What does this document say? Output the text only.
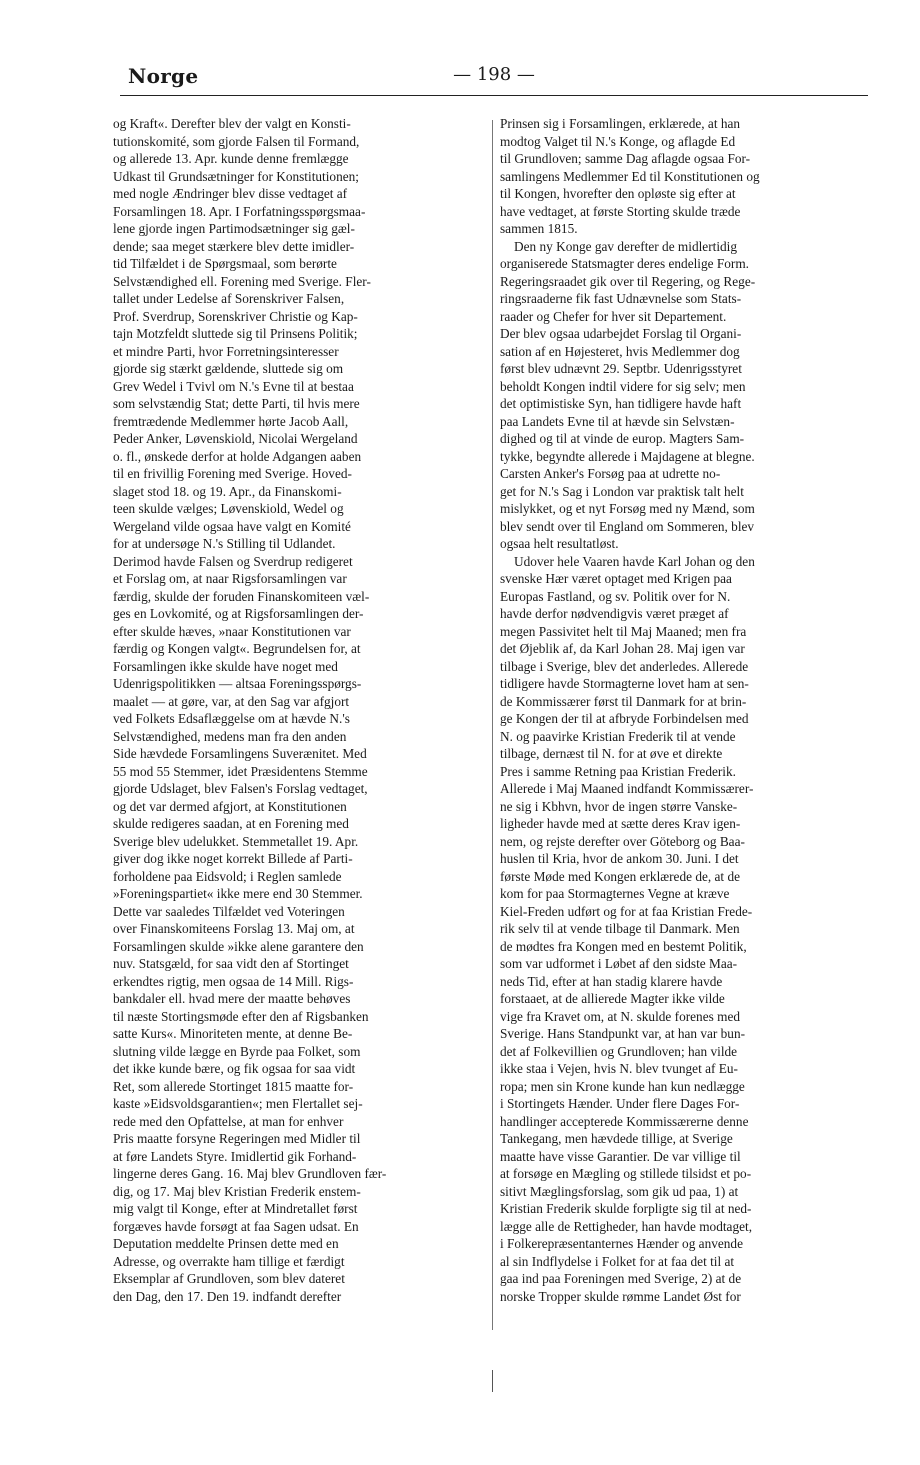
Norge	— 198 —

og Kraft«. Derefter blev der valgt en Konsti-
tutionskomité, som gjorde Falsen til Formand,
og allerede 13. Apr. kunde denne fremlægge
Udkast til Grundsætninger for Konstitutionen;
med nogle Ændringer blev disse vedtaget af
Forsamlingen 18. Apr. I Forfatningsspørgsmaa-
lene gjorde ingen Partimodsætninger sig gæl-
dende; saa meget stærkere blev dette imidler-
tid Tilfældet i de Spørgsmaal, som berørte
Selvstændighed ell. Forening med Sverige. Fler-
tallet under Ledelse af Sorenskriver Falsen,
Prof. Sverdrup, Sorenskriver Christie og Kap-
tajn Motzfeldt sluttede sig til Prinsens Politik;
et mindre Parti, hvor Forretningsinteresser
gjorde sig stærkt gældende, sluttede sig om
Grev Wedel i Tvivl om N.'s Evne til at bestaa
som selvstændig Stat; dette Parti, til hvis mere
fremtrædende Medlemmer hørte Jacob Aall,
Peder Anker, Løvenskiold, Nicolai Wergeland
o. fl., ønskede derfor at holde Adgangen aaben
til en frivillig Forening med Sverige. Hoved-
slaget stod 18. og 19. Apr., da Finanskomi-
teen skulde vælges; Løvenskiold, Wedel og
Wergeland vilde ogsaa have valgt en Komité
for at undersøge N.'s Stilling til Udlandet.
Derimod havde Falsen og Sverdrup redigeret
et Forslag om, at naar Rigsforsamlingen var
færdig, skulde der foruden Finanskomiteen væl-
ges en Lovkomité, og at Rigsforsamlingen der-
efter skulde hæves, »naar Konstitutionen var
færdig og Kongen valgt«. Begrundelsen for, at
Forsamlingen ikke skulde have noget med
Udenrigspolitikken — altsaa Foreningsspørgs-
maalet — at gøre, var, at den Sag var afgjort
ved Folkets Edsaflæggelse om at hævde N.'s
Selvstændighed, medens man fra den anden
Side hævdede Forsamlingens Suverænitet. Med
55 mod 55 Stemmer, idet Præsidentens Stemme
gjorde Udslaget, blev Falsen's Forslag vedtaget,
og det var dermed afgjort, at Konstitutionen
skulde redigeres saadan, at en Forening med
Sverige blev udelukket. Stemmetallet 19. Apr.
giver dog ikke noget korrekt Billede af Parti-
forholdene paa Eidsvold; i Reglen samlede
»Foreningspartiet« ikke mere end 30 Stemmer.
Dette var saaledes Tilfældet ved Voteringen
over Finanskomiteens Forslag 13. Maj om, at
Forsamlingen skulde »ikke alene garantere den
nuv. Statsgæld, for saa vidt den af Stortinget
erkendtes rigtig, men ogsaa de 14 Mill. Rigs-
bankdaler ell. hvad mere der maatte behøves
til næste Stortingsmøde efter den af Rigsbanken
satte Kurs«. Minoriteten mente, at denne Be-
slutning vilde lægge en Byrde paa Folket, som
det ikke kunde bære, og fik ogsaa for saa vidt
Ret, som allerede Stortinget 1815 maatte for-
kaste »Eidsvoldsgarantien«; men Flertallet sej-
rede med den Opfattelse, at man for enhver
Pris maatte forsyne Regeringen med Midler til
at føre Landets Styre. Imidlertid gik Forhand-
lingerne deres Gang. 16. Maj blev Grundloven fær-
dig, og 17. Maj blev Kristian Frederik enstem-
mig valgt til Konge, efter at Mindretallet først
forgæves havde forsøgt at faa Sagen udsat. En
Deputation meddelte Prinsen dette med en
Adresse, og overrakte ham tillige et færdigt
Eksemplar af Grundloven, som blev dateret
den Dag, den 17. Den 19. indfandt derefter

Prinsen sig i Forsamlingen, erklærede, at han
modtog Valget til N.'s Konge, og aflagde Ed
til Grundloven; samme Dag aflagde ogsaa For-
samlingens Medlemmer Ed til Konstitutionen og
til Kongen, hvorefter den opløste sig efter at
have vedtaget, at første Storting skulde træde
sammen 1815.

Den ny Konge gav derefter de midlertidig
organiserede Statsmagter deres endelige Form.
Regeringsraadet gik over til Regering, og Rege-
ringsraaderne fik fast Udnævnelse som Stats-
raader og Chefer for hver sit Departement.
Der blev ogsaa udarbejdet Forslag til Organi-
sation af en Højesteret, hvis Medlemmer dog
først blev udnævnt 29. Septbr. Udenrigsstyret
beholdt Kongen indtil videre for sig selv; men
det optimistiske Syn, han tidligere havde haft
paa Landets Evne til at hævde sin Selvstæn-
dighed og til at vinde de europ. Magters Sam-
tykke, begyndte allerede i Majdagene at blegne.
Carsten Anker's Forsøg paa at udrette no-
get for N.'s Sag i London var praktisk talt helt
mislykket, og et nyt Forsøg med ny Mænd, som
blev sendt over til England om Sommeren, blev
ogsaa helt resultatløst.

Udover hele Vaaren havde Karl Johan og den
svenske Hær været optaget med Krigen paa
Europas Fastland, og sv. Politik over for N.
havde derfor nødvendigvis været præget af
megen Passivitet helt til Maj Maaned; men fra
det Øjeblik af, da Karl Johan 28. Maj igen var
tilbage i Sverige, blev det anderledes. Allerede
tidligere havde Stormagterne lovet ham at sen-
de Kommissærer først til Danmark for at brin-
ge Kongen der til at afbryde Forbindelsen med
N. og paavirke Kristian Frederik til at vende
tilbage, dernæst til N. for at øve et direkte
Pres i samme Retning paa Kristian Frederik.
Allerede i Maj Maaned indfandt Kommissærer-
ne sig i Kbhvn, hvor de ingen større Vanske-
ligheder havde med at sætte deres Krav igen-
nem, og rejste derefter over Göteborg og Baa-
huslen til Kria, hvor de ankom 30. Juni. I det
første Møde med Kongen erklærede de, at de
kom for paa Stormagternes Vegne at kræve
Kiel-Freden udført og for at faa Kristian Frede-
rik selv til at vende tilbage til Danmark. Men
de mødtes fra Kongen med en bestemt Politik,
som var udformet i Løbet af den sidste Maa-
neds Tid, efter at han stadig klarere havde
forstaaet, at de allierede Magter ikke vilde
vige fra Kravet om, at N. skulde forenes med
Sverige. Hans Standpunkt var, at han var bun-
det af Folkevillien og Grundloven; han vilde
ikke staa i Vejen, hvis N. blev tvunget af Eu-
ropa; men sin Krone kunde han kun nedlægge
i Stortingets Hænder. Under flere Dages For-
handlinger accepterede Kommissærerne denne
Tankegang, men hævdede tillige, at Sverige
maatte have visse Garantier. De var villige til
at forsøge en Mægling og stillede tilsidst et po-
sitivt Mæglingsforslag, som gik ud paa, 1) at
Kristian Frederik skulde forpligte sig til at ned-
lægge alle de Rettigheder, han havde modtaget,
i Folkerepræsentanternes Hænder og anvende
al sin Indflydelse i Folket for at faa det til at
gaa ind paa Foreningen med Sverige, 2) at de
norske Tropper skulde rømme Landet Øst for
